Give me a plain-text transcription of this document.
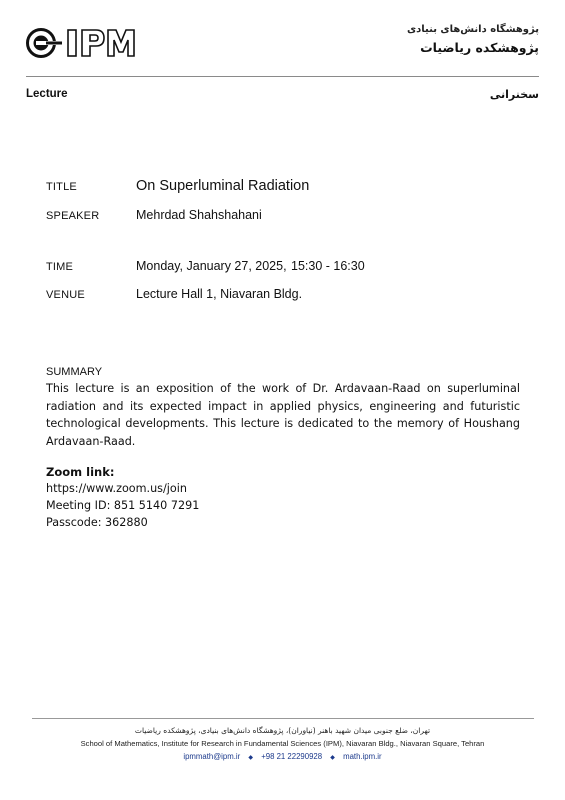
پژوهشگاه دانش‌های بنیادی
پژوهشکده ریاضیات
Lecture	سخنرانی
TITLE	On Superluminal Radiation
SPEAKER	Mehrdad Shahshahani
TIME	Monday, January 27, 2025, 15:30 - 16:30
VENUE	Lecture Hall 1, Niavaran Bldg.
SUMMARY
This lecture is an exposition of the work of Dr. Ardavaan-Raad on superluminal radiation and its expected impact in applied physics, engineering and futuristic technological developments. This lecture is dedicated to the memory of Houshang Ardavaan-Raad.
Zoom link:
https://www.zoom.us/join
Meeting ID: 851 5140 7291
Passcode: 362880
تهران، ضلع جنوبی میدان شهید باهنر (نیاوران)، پژوهشگاه دانش‌های بنیادی، پژوهشکده ریاضیات
School of Mathematics, Institute for Research in Fundamental Sciences (IPM), Niavaran Bldg., Niavaran Square, Tehran
ipmmath@ipm.ir ◆ +98 21 22290928 ◆ math.ipm.ir
